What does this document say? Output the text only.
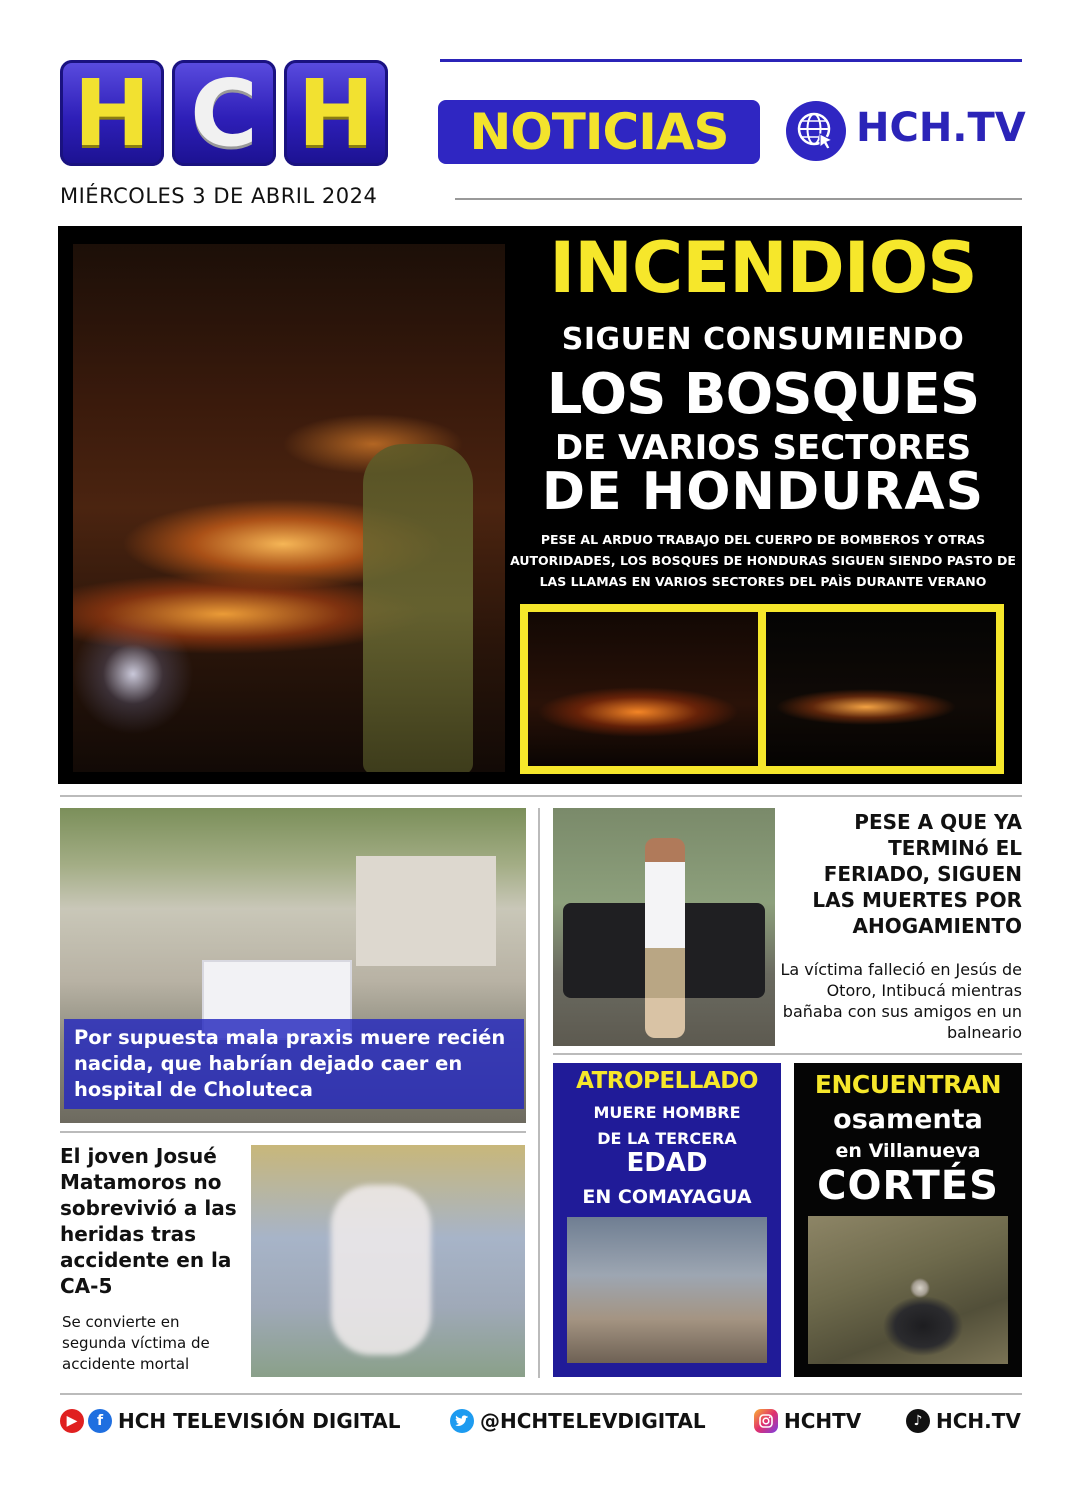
H C H	NOTICIAS	HCH.TV
MIÉRCOLES 3 DE ABRIL 2024
INCENDIOS
SIGUEN CONSUMIENDO
LOS BOSQUES
DE VARIOS SECTORES
DE HONDURAS
PESE AL ARDUO TRABAJO DEL CUERPO DE BOMBEROS Y OTRAS AUTORIDADES, LOS BOSQUES DE HONDURAS SIGUEN SIENDO PASTO DE LAS LLAMAS EN VARIOS SECTORES DEL PAÌS DURANTE VERANO
Por supuesta mala praxis muere recién nacida, que habrían dejado caer en hospital de Choluteca
PESE A QUE YA TERMINó EL FERIADO, SIGUEN LAS MUERTES POR AHOGAMIENTO
La víctima falleció en Jesús de Otoro, Intibucá mientras bañaba con sus amigos en un balneario
El joven Josué Matamoros no sobrevivió a las heridas tras accidente en la CA-5
Se convierte en segunda víctima de accidente mortal
ATROPELLADO
MUERE HOMBRE
DE LA TERCERA
EDAD
EN COMAYAGUA
ENCUENTRAN
osamenta
en Villanueva
CORTÉS
▶	f HCH TELEVISIÓN DIGITAL	@HCHTELEVDIGITAL	HCHTV	♪ HCH.TV
